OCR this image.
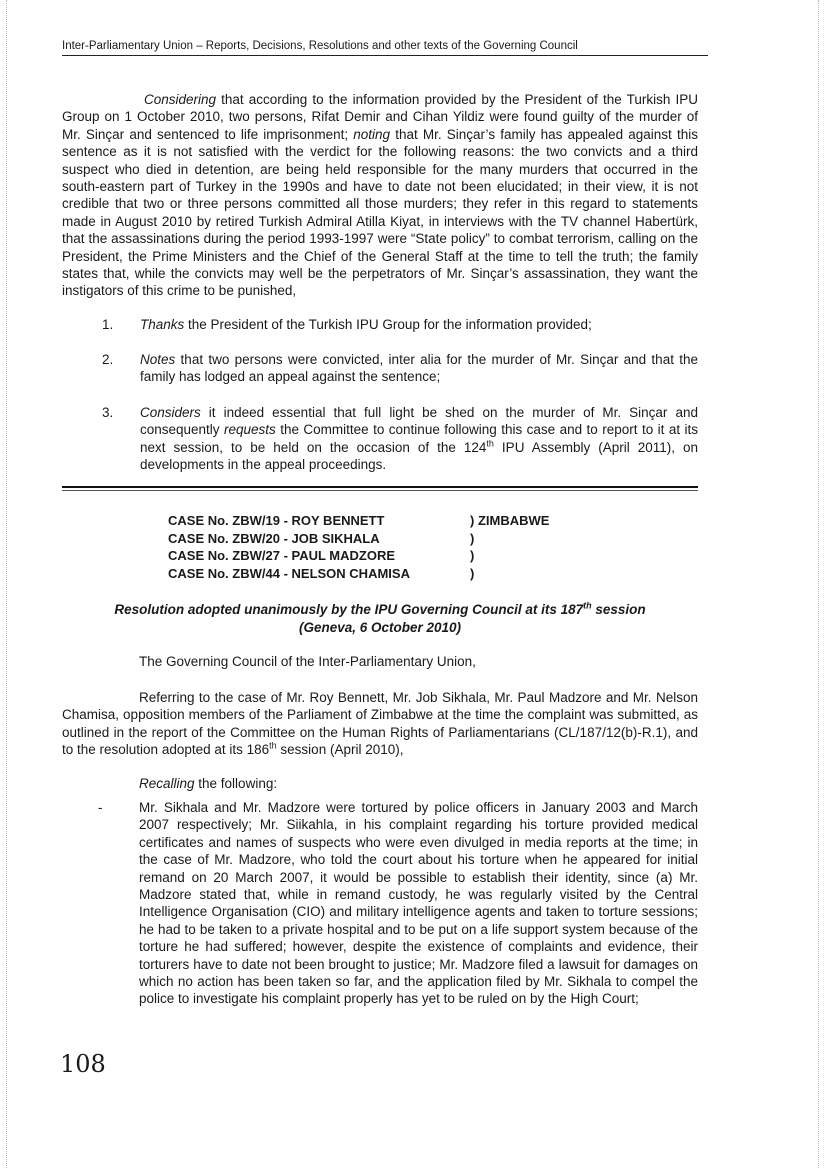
Inter-Parliamentary Union – Reports, Decisions, Resolutions and other texts of the Governing Council

Considering that according to the information provided by the President of the Turkish IPU Group on 1 October 2010, two persons, Rifat Demir and Cihan Yildiz were found guilty of the murder of Mr. Sinçar and sentenced to life imprisonment; noting that Mr. Sinçar’s family has appealed against this sentence as it is not satisfied with the verdict for the following reasons: the two convicts and a third suspect who died in detention, are being held responsible for the many murders that occurred in the south-eastern part of Turkey in the 1990s and have to date not been elucidated; in their view, it is not credible that two or three persons committed all those murders; they refer in this regard to statements made in August 2010 by retired Turkish Admiral Atilla Kiyat, in interviews with the TV channel Habertürk, that the assassinations during the period 1993-1997 were “State policy” to combat terrorism, calling on the President, the Prime Ministers and the Chief of the General Staff at the time to tell the truth; the family states that, while the convicts may well be the perpetrators of Mr. Sinçar’s assassination, they want the instigators of this crime to be punished,

1. Thanks the President of the Turkish IPU Group for the information provided;
2. Notes that two persons were convicted, inter alia for the murder of Mr. Sinçar and that the family has lodged an appeal against the sentence;
3. Considers it indeed essential that full light be shed on the murder of Mr. Sinçar and consequently requests the Committee to continue following this case and to report to it at its next session, to be held on the occasion of the 124th IPU Assembly (April 2011), on developments in the appeal proceedings.
CASE No. ZBW/19 - ROY BENNETT	) ZIMBABWE
CASE No. ZBW/20 - JOB SIKHALA	)
CASE No. ZBW/27 - PAUL MADZORE	)
CASE No. ZBW/44 - NELSON CHAMISA	)
Resolution adopted unanimously by the IPU Governing Council at its 187th session
(Geneva, 6 October 2010)

The Governing Council of the Inter-Parliamentary Union,

Referring to the case of Mr. Roy Bennett, Mr. Job Sikhala, Mr. Paul Madzore and Mr. Nelson Chamisa, opposition members of the Parliament of Zimbabwe at the time the complaint was submitted, as outlined in the report of the Committee on the Human Rights of Parliamentarians (CL/187/12(b)-R.1), and to the resolution adopted at its 186th session (April 2010),

Recalling the following:

-	Mr. Sikhala and Mr. Madzore were tortured by police officers in January 2003 and March 2007 respectively; Mr. Siikahla, in his complaint regarding his torture provided medical certificates and names of suspects who were even divulged in media reports at the time; in the case of Mr. Madzore, who told the court about his torture when he appeared for initial remand on 20 March 2007, it would be possible to establish their identity, since (a) Mr. Madzore stated that, while in remand custody, he was regularly visited by the Central Intelligence Organisation (CIO) and military intelligence agents and taken to torture sessions; he had to be taken to a private hospital and to be put on a life support system because of the torture he had suffered; however, despite the existence of complaints and evidence, their torturers have to date not been brought to justice; Mr. Madzore filed a lawsuit for damages on which no action has been taken so far, and the application filed by Mr. Sikhala to compel the police to investigate his complaint properly has yet to be ruled on by the High Court;
108
